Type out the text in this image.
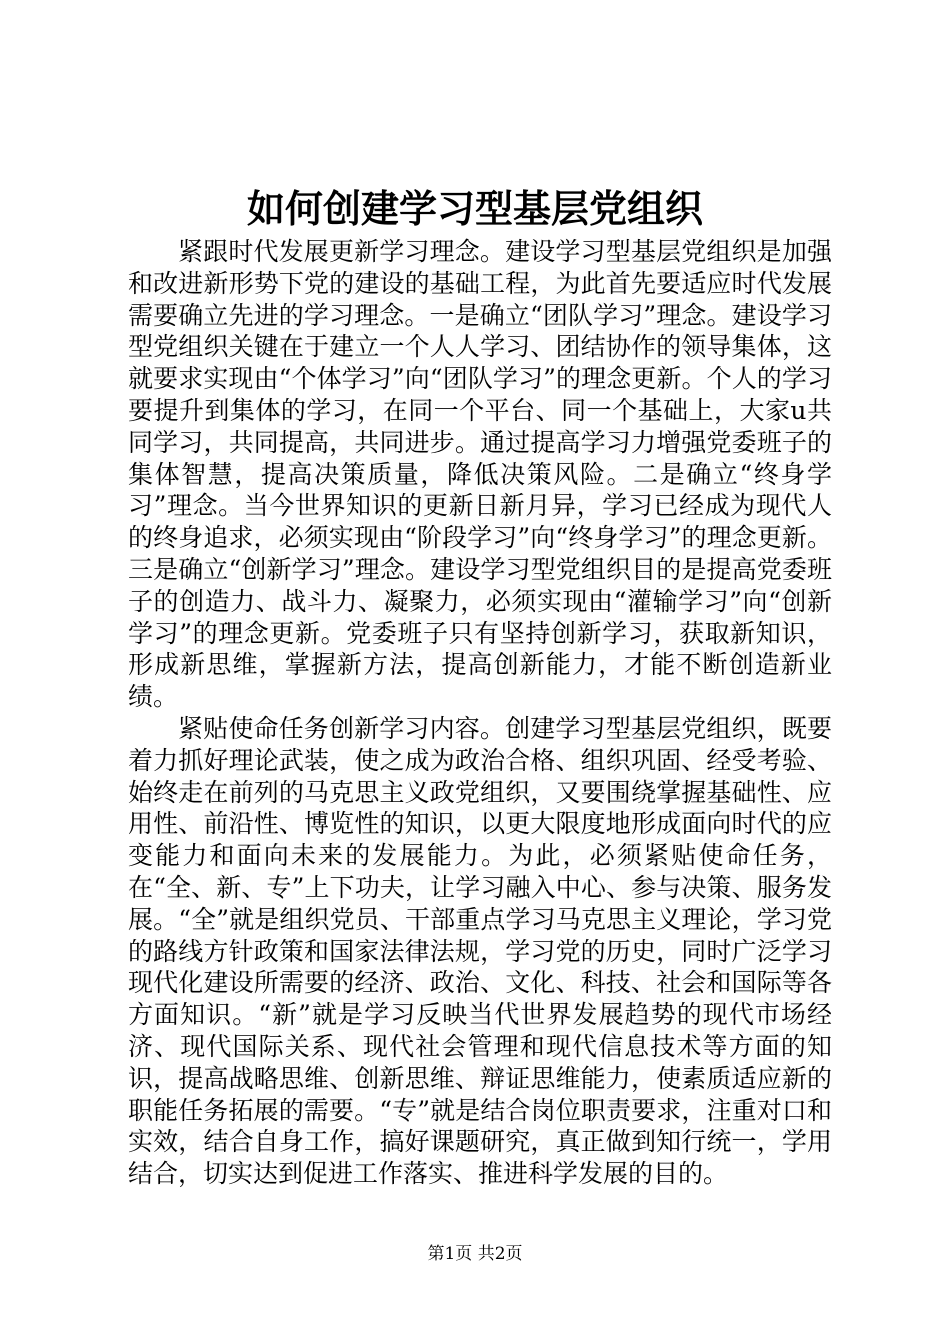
如何创建学习型基层党组织

紧跟时代发展更新学习理念。建设学习型基层党组织是加强和改进新形势下党的建设的基础工程，为此首先要适应时代发展需要确立先进的学习理念。一是确立“团队学习”理念。建设学习型党组织关键在于建立一个人人学习、团结协作的领导集体，这就要求实现由“个体学习”向“团队学习”的理念更新。个人的学习要提升到集体的学习，在同一个平台、同一个基础上，大家u共同学习，共同提高，共同进步。通过提高学习力增强党委班子的集体智慧，提高决策质量，降低决策风险。二是确立“终身学习”理念。当今世界知识的更新日新月异，学习已经成为现代人的终身追求，必须实现由“阶段学习”向“终身学习”的理念更新。三是确立“创新学习”理念。建设学习型党组织目的是提高党委班子的创造力、战斗力、凝聚力，必须实现由“灌输学习”向“创新学习”的理念更新。党委班子只有坚持创新学习，获取新知识，形成新思维，掌握新方法，提高创新能力，才能不断创造新业绩。

紧贴使命任务创新学习内容。创建学习型基层党组织，既要着力抓好理论武装，使之成为政治合格、组织巩固、经受考验、始终走在前列的马克思主义政党组织，又要围绕掌握基础性、应用性、前沿性、博览性的知识，以更大限度地形成面向时代的应变能力和面向未来的发展能力。为此，必须紧贴使命任务，在“全、新、专”上下功夫，让学习融入中心、参与决策、服务发展。“全”就是组织党员、干部重点学习马克思主义理论，学习党的路线方针政策和国家法律法规，学习党的历史，同时广泛学习现代化建设所需要的经济、政治、文化、科技、社会和国际等各方面知识。“新”就是学习反映当代世界发展趋势的现代市场经济、现代国际关系、现代社会管理和现代信息技术等方面的知识，提高战略思维、创新思维、辩证思维能力，使素质适应新的职能任务拓展的需要。“专”就是结合岗位职责要求，注重对口和实效，结合自身工作，搞好课题研究，真正做到知行统一，学用结合，切实达到促进工作落实、推进科学发展的目的。

第1页 共2页
